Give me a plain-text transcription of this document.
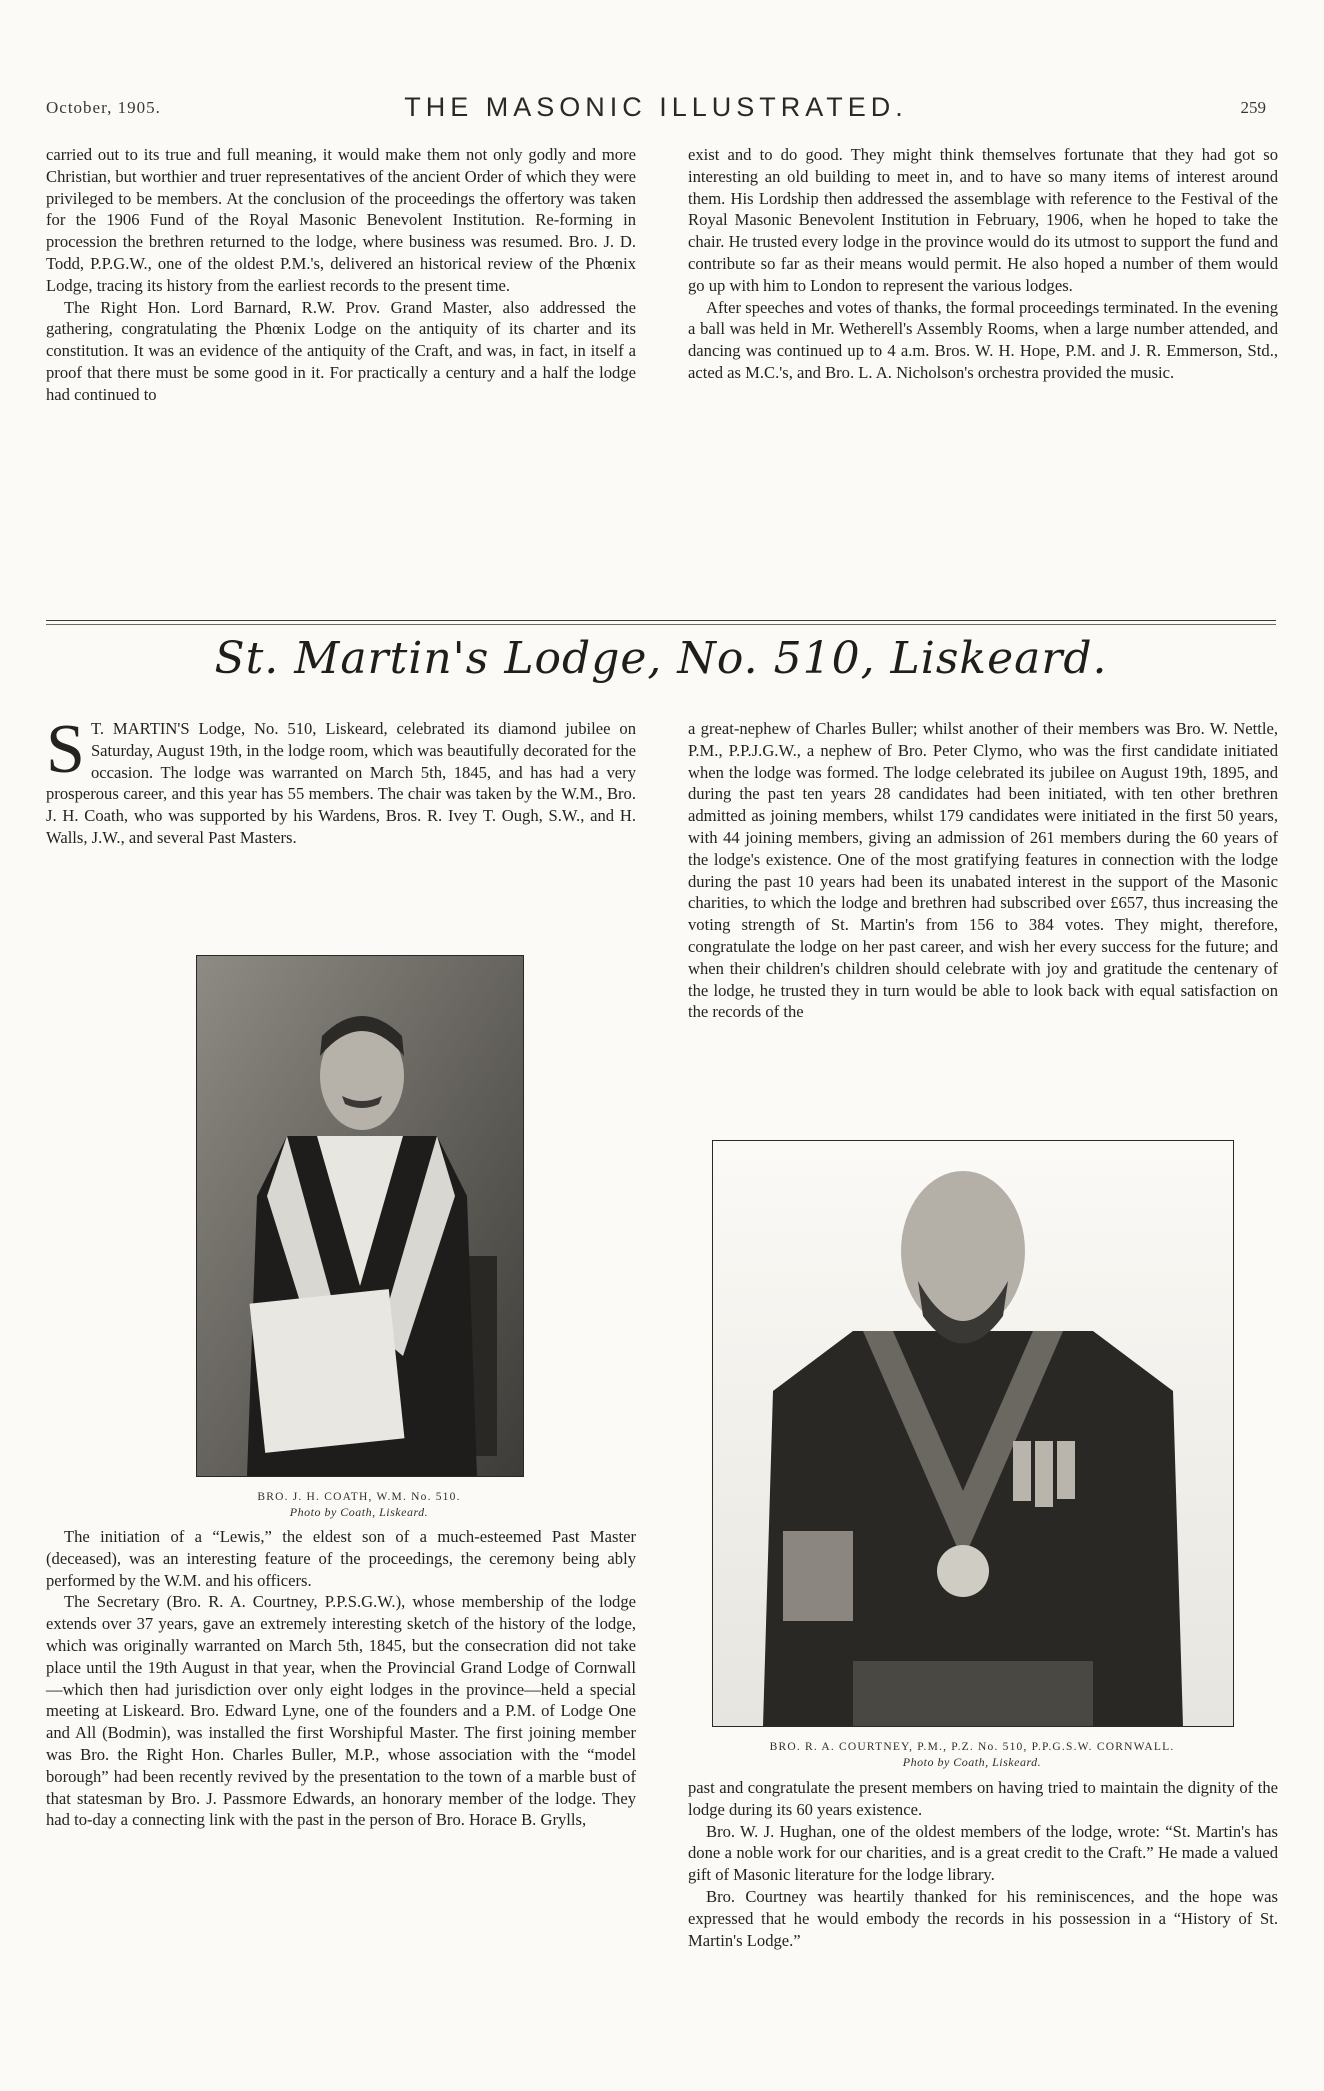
October, 1905.	THE MASONIC ILLUSTRATED.	259

carried out to its true and full meaning, it would make them not only godly and more Christian, but worthier and truer representatives of the ancient Order of which they were privileged to be members. At the conclusion of the proceedings the offertory was taken for the 1906 Fund of the Royal Masonic Benevolent Institution. Re-forming in procession the brethren returned to the lodge, where business was resumed. Bro. J. D. Todd, P.P.G.W., one of the oldest P.M.'s, delivered an historical review of the Phœnix Lodge, tracing its history from the earliest records to the present time.

The Right Hon. Lord Barnard, R.W. Prov. Grand Master, also addressed the gathering, congratulating the Phœnix Lodge on the antiquity of its charter and its constitution. It was an evidence of the antiquity of the Craft, and was, in fact, in itself a proof that there must be some good in it. For practically a century and a half the lodge had continued to

exist and to do good. They might think themselves fortunate that they had got so interesting an old building to meet in, and to have so many items of interest around them. His Lordship then addressed the assemblage with reference to the Festival of the Royal Masonic Benevolent Institution in February, 1906, when he hoped to take the chair. He trusted every lodge in the province would do its utmost to support the fund and contribute so far as their means would permit. He also hoped a number of them would go up with him to London to represent the various lodges.

After speeches and votes of thanks, the formal proceedings terminated. In the evening a ball was held in Mr. Wetherell's Assembly Rooms, when a large number attended, and dancing was continued up to 4 a.m. Bros. W. H. Hope, P.M. and J. R. Emmerson, Std., acted as M.C.'s, and Bro. L. A. Nicholson's orchestra provided the music.

St. Martin's Lodge, No. 510, Liskeard.

S T. MARTIN'S Lodge, No. 510, Liskeard, celebrated its diamond jubilee on Saturday, August 19th, in the lodge room, which was beautifully decorated for the occasion. The lodge was warranted on March 5th, 1845, and has had a very prosperous career, and this year has 55 members. The chair was taken by the W.M., Bro. J. H. Coath, who was supported by his Wardens, Bros. R. Ivey T. Ough, S.W., and H. Walls, J.W., and several Past Masters.

BRO. J. H. COATH, W.M. No. 510.
Photo by Coath, Liskeard.

The initiation of a “Lewis,” the eldest son of a much-esteemed Past Master (deceased), was an interesting feature of the proceedings, the ceremony being ably performed by the W.M. and his officers.

The Secretary (Bro. R. A. Courtney, P.P.S.G.W.), whose membership of the lodge extends over 37 years, gave an extremely interesting sketch of the history of the lodge, which was originally warranted on March 5th, 1845, but the consecration did not take place until the 19th August in that year, when the Provincial Grand Lodge of Cornwall—which then had jurisdiction over only eight lodges in the province—held a special meeting at Liskeard. Bro. Edward Lyne, one of the founders and a P.M. of Lodge One and All (Bodmin), was installed the first Worshipful Master. The first joining member was Bro. the Right Hon. Charles Buller, M.P., whose association with the “model borough” had been recently revived by the presentation to the town of a marble bust of that statesman by Bro. J. Passmore Edwards, an honorary member of the lodge. They had to-day a connecting link with the past in the person of Bro. Horace B. Grylls,

a great-nephew of Charles Buller; whilst another of their members was Bro. W. Nettle, P.M., P.P.J.G.W., a nephew of Bro. Peter Clymo, who was the first candidate initiated when the lodge was formed. The lodge celebrated its jubilee on August 19th, 1895, and during the past ten years 28 candidates had been initiated, with ten other brethren admitted as joining members, whilst 179 candidates were initiated in the first 50 years, with 44 joining members, giving an admission of 261 members during the 60 years of the lodge's existence. One of the most gratifying features in connection with the lodge during the past 10 years had been its unabated interest in the support of the Masonic charities, to which the lodge and brethren had subscribed over £657, thus increasing the voting strength of St. Martin's from 156 to 384 votes. They might, therefore, congratulate the lodge on her past career, and wish her every success for the future; and when their children's children should celebrate with joy and gratitude the centenary of the lodge, he trusted they in turn would be able to look back with equal satisfaction on the records of the

BRO. R. A. COURTNEY, P.M., P.Z. No. 510, P.P.G.S.W. CORNWALL.
Photo by Coath, Liskeard.

past and congratulate the present members on having tried to maintain the dignity of the lodge during its 60 years existence.

Bro. W. J. Hughan, one of the oldest members of the lodge, wrote: “St. Martin's has done a noble work for our charities, and is a great credit to the Craft.” He made a valued gift of Masonic literature for the lodge library.

Bro. Courtney was heartily thanked for his reminiscences, and the hope was expressed that he would embody the records in his possession in a “History of St. Martin's Lodge.”
